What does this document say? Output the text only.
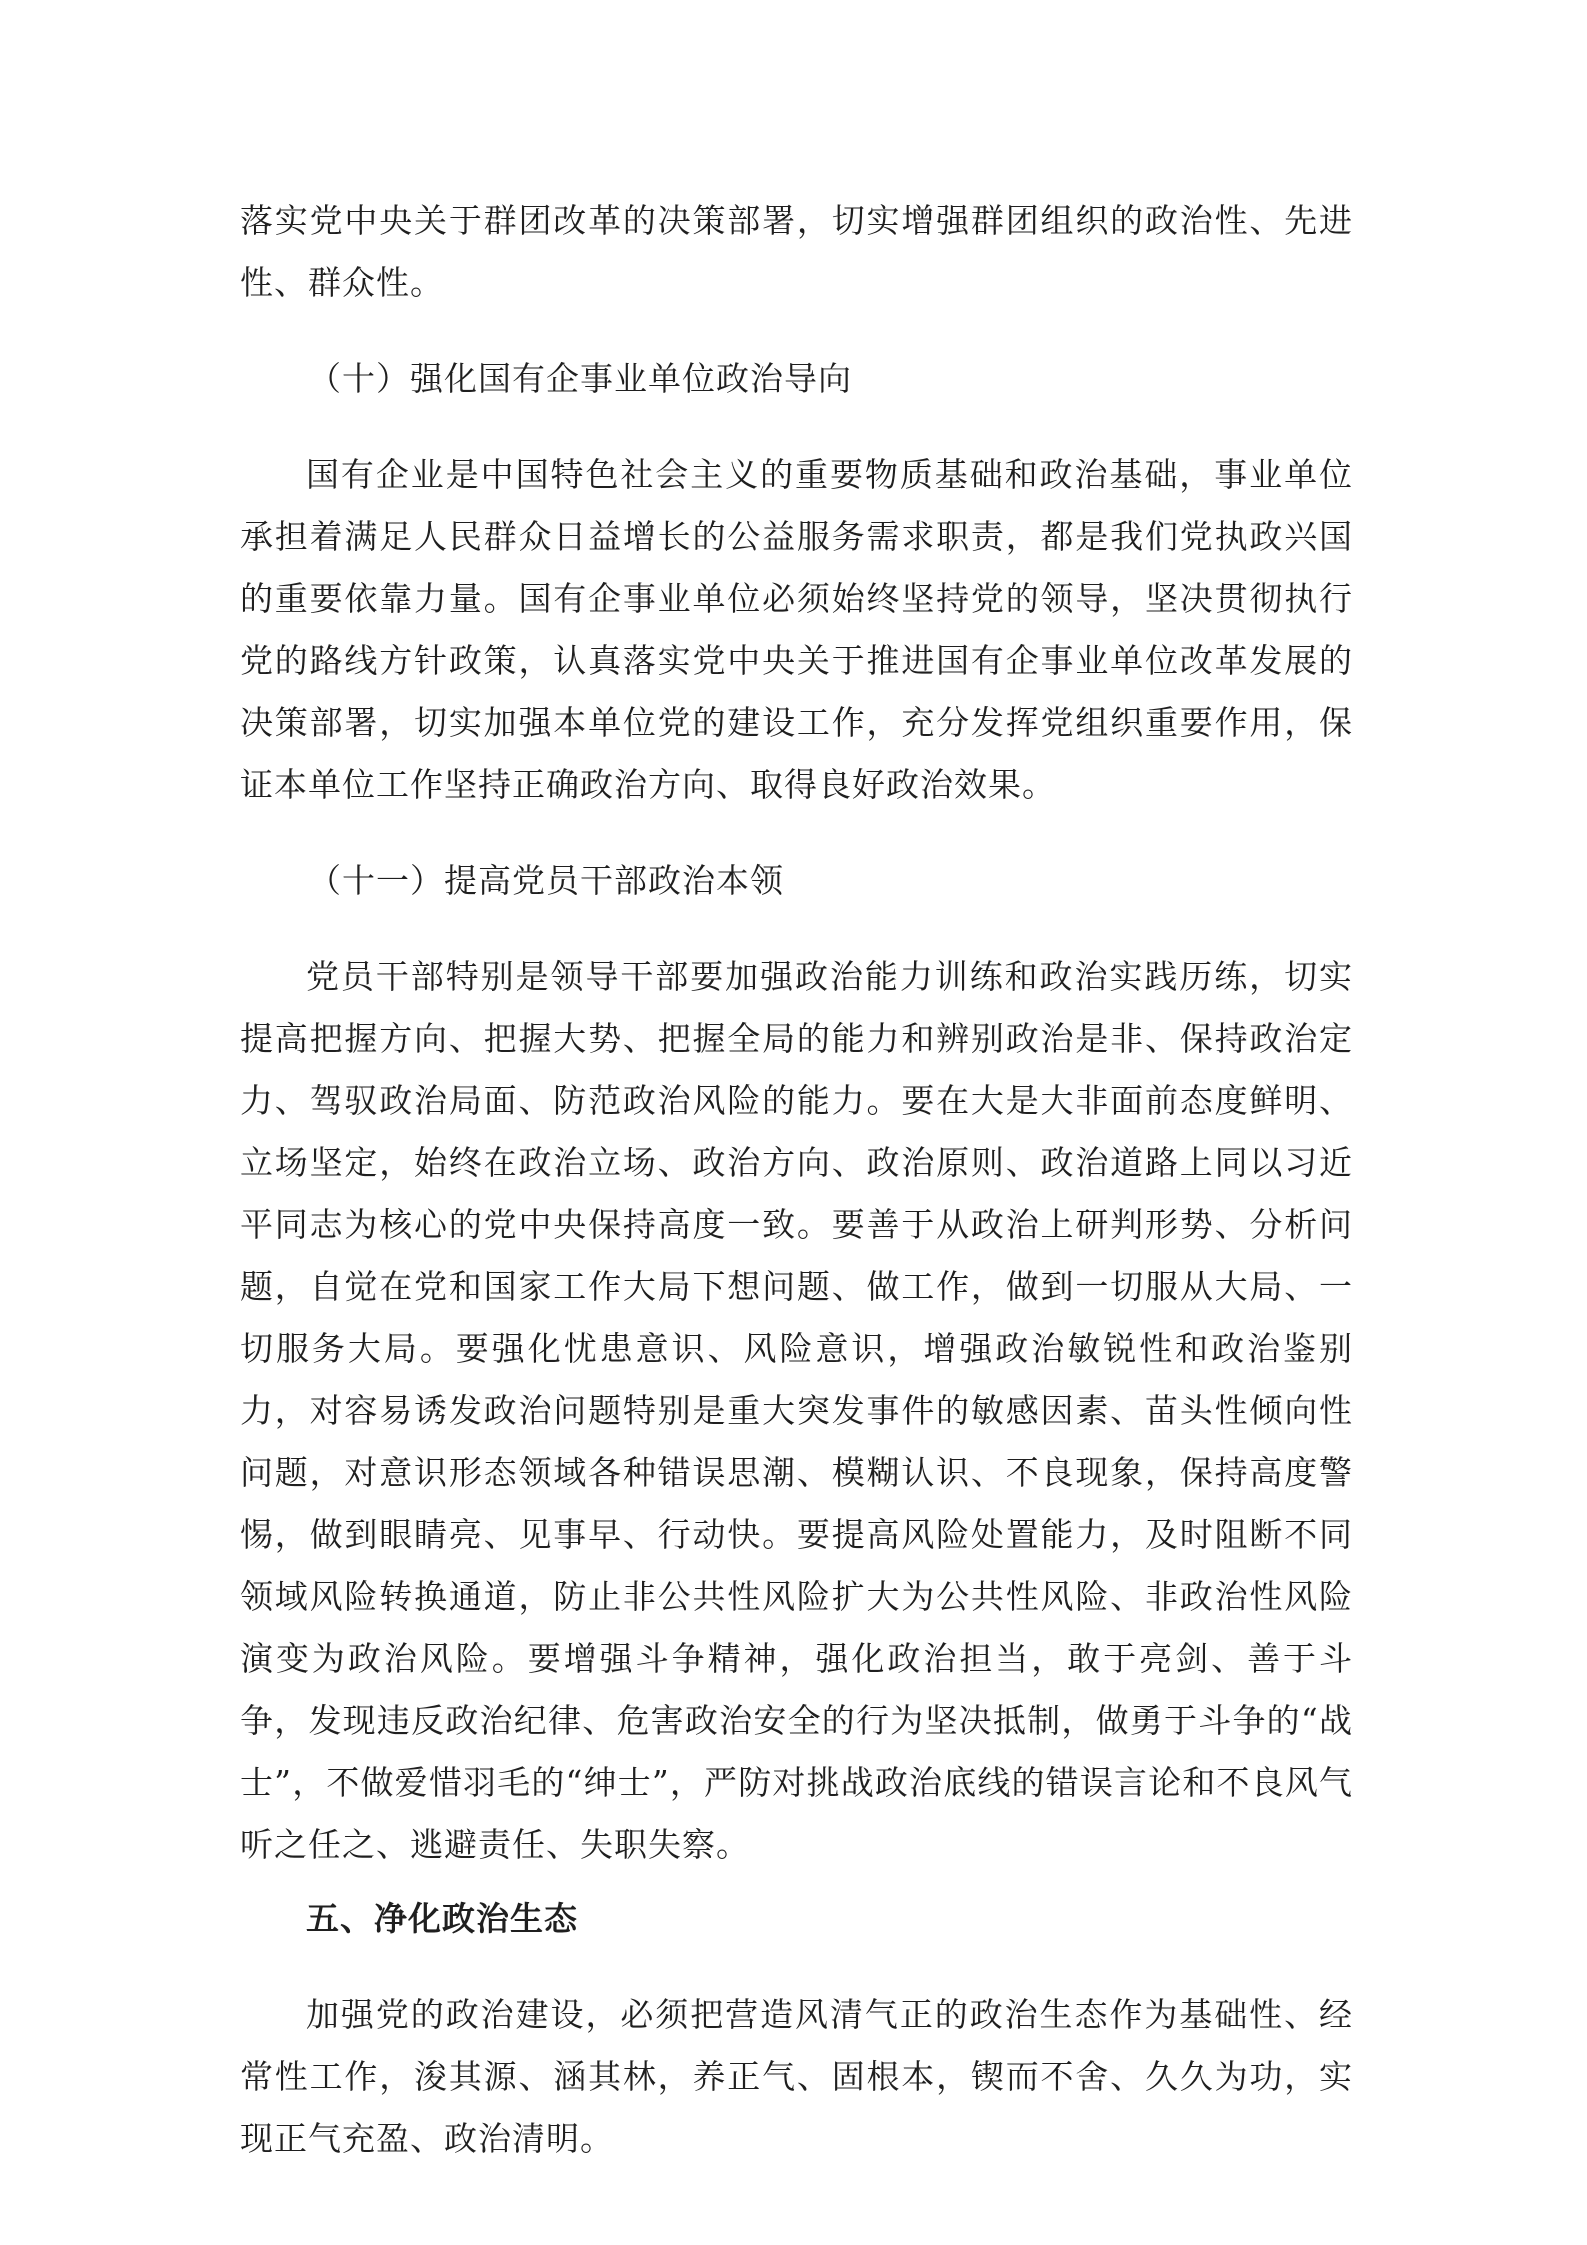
落实党中央关于群团改革的决策部署，切实增强群团组织的政治性、先进性、群众性。

（十）强化国有企事业单位政治导向

国有企业是中国特色社会主义的重要物质基础和政治基础，事业单位承担着满足人民群众日益增长的公益服务需求职责，都是我们党执政兴国的重要依靠力量。国有企事业单位必须始终坚持党的领导，坚决贯彻执行党的路线方针政策，认真落实党中央关于推进国有企事业单位改革发展的决策部署，切实加强本单位党的建设工作，充分发挥党组织重要作用，保证本单位工作坚持正确政治方向、取得良好政治效果。

（十一）提高党员干部政治本领

党员干部特别是领导干部要加强政治能力训练和政治实践历练，切实提高把握方向、把握大势、把握全局的能力和辨别政治是非、保持政治定力、驾驭政治局面、防范政治风险的能力。要在大是大非面前态度鲜明、立场坚定，始终在政治立场、政治方向、政治原则、政治道路上同以习近平同志为核心的党中央保持高度一致。要善于从政治上研判形势、分析问题，自觉在党和国家工作大局下想问题、做工作，做到一切服从大局、一切服务大局。要强化忧患意识、风险意识，增强政治敏锐性和政治鉴别力，对容易诱发政治问题特别是重大突发事件的敏感因素、苗头性倾向性问题，对意识形态领域各种错误思潮、模糊认识、不良现象，保持高度警惕，做到眼睛亮、见事早、行动快。要提高风险处置能力，及时阻断不同领域风险转换通道，防止非公共性风险扩大为公共性风险、非政治性风险演变为政治风险。要增强斗争精神，强化政治担当，敢于亮剑、善于斗争，发现违反政治纪律、危害政治安全的行为坚决抵制，做勇于斗争的“战士”，不做爱惜羽毛的“绅士”，严防对挑战政治底线的错误言论和不良风气听之任之、逃避责任、失职失察。

五、净化政治生态

加强党的政治建设，必须把营造风清气正的政治生态作为基础性、经常性工作，浚其源、涵其林，养正气、固根本，锲而不舍、久久为功，实现正气充盈、政治清明。
